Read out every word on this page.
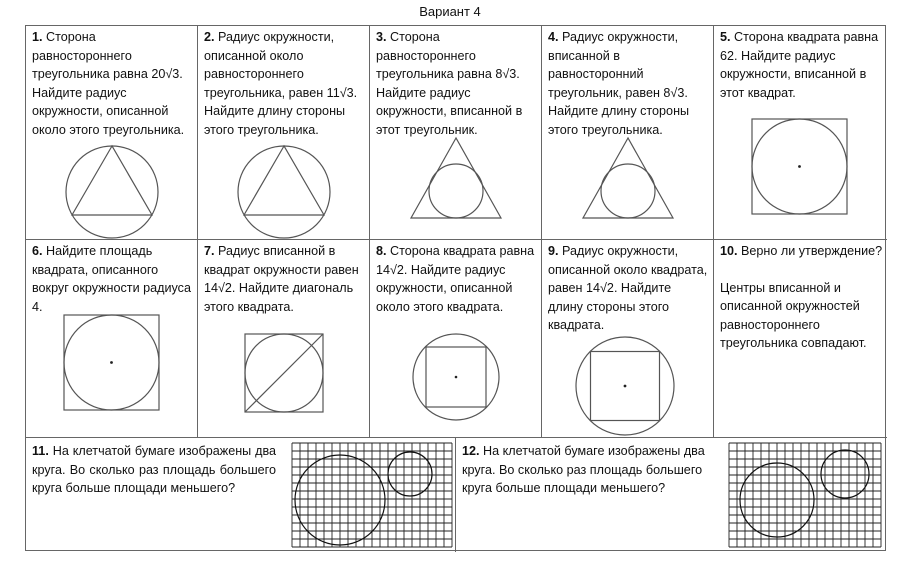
Вариант 4
1. Сторона равностороннего треугольника равна 20√3. Найдите радиус окружности, описанной около этого треугольника.
2. Радиус окружности, описанной около равностороннего треугольника, равен 11√3. Найдите длину стороны этого треугольника.
3. Сторона равностороннего треугольника равна 8√3. Найдите радиус окружности, вписанной в этот треугольник.
4. Радиус окружности, вписанной в равносторонний треугольник, равен 8√3. Найдите длину стороны этого треугольника.
5. Сторона квадрата равна 62. Найдите радиус окружности, вписанной в этот квадрат.
6. Найдите площадь квадрата, описанного вокруг окружности радиуса 4.
7. Радиус вписанной в квадрат окружности равен 14√2. Найдите диагональ этого квадрата.
8. Сторона квадрата равна 14√2. Найдите радиус окружности, описанной около этого квадрата.
9. Радиус окружности, описанной около квадрата, равен 14√2. Найдите длину стороны этого квадрата.
10. Верно ли утверждение?
Центры вписанной и описанной окружностей равностороннего треугольника совпадают.
11. На клетчатой бумаге изображены два круга. Во сколько раз площадь большего круга больше площади меньшего?
12. На клетчатой бумаге изображены два круга. Во сколько раз площадь большего круга больше площади меньшего?
